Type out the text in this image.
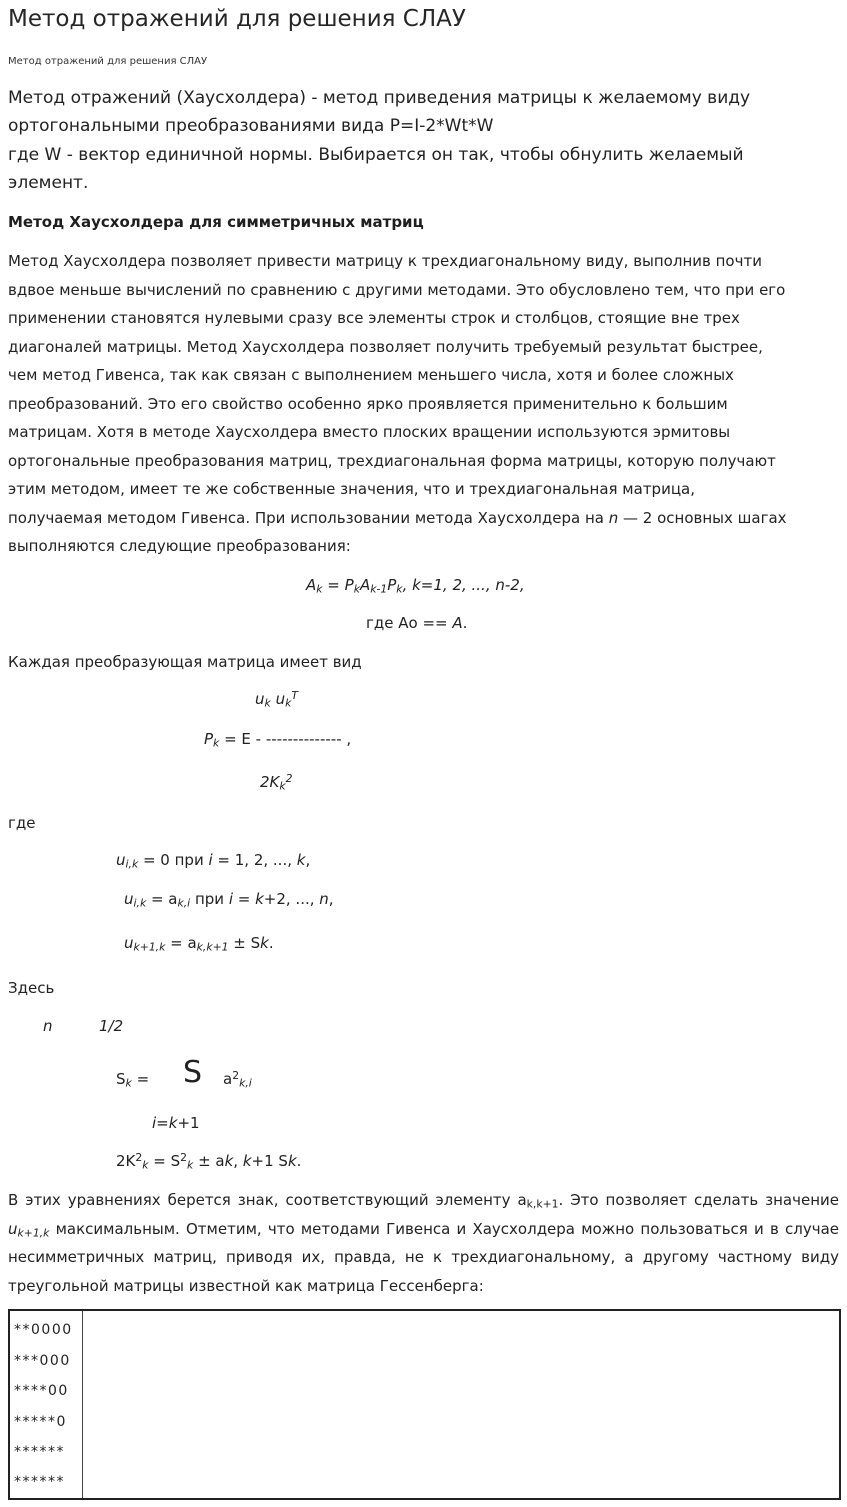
Метод отражений для решения СЛАУ
Метод отражений для решения СЛАУ
Метод отражений (Хаусхолдера) - метод приведения матрицы к желаемому виду
ортогональными преобразованиями вида P=I-2*Wt*W
где W - вектор единичной нормы. Выбирается он так, чтобы обнулить желаемый
элемент.
Метод Хаусхолдера для симметричных матриц
Метод Хаусхолдера позволяет привести матрицу к трехдиагональному виду, выполнив почти
вдвое меньше вычислений по сравнению с другими методами. Это обусловлено тем, что при его
применении становятся нулевыми сразу все элементы строк и столбцов, стоящие вне трех
диагоналей матрицы. Метод Хаусхолдера позволяет получить требуемый результат быстрее,
чем метод Гивенса, так как связан с выполнением меньшего числа, хотя и более сложных
преобразований. Это его свойство особенно ярко проявляется применительно к большим
матрицам. Хотя в методе Хаусхолдера вместо плоских вращении используются эрмитовы
ортогональные преобразования матриц, трехдиагональная форма матрицы, которую получают
этим методом, имеет те же собственные значения, что и трехдиагональная матрица,
получаемая методом Гивенса. При использовании метода Хаусхолдера на n — 2 основных шагах
выполняются следующие преобразования:
$A_k = P_kA_{k-1}P_k$, k=1, 2, ..., n-2,
где Ао == A.
Каждая преобразующая матрица имеет вид
$u_k$ $u_k^T$
$P_k = E$ - -------------- ,
$2K_k^2$
где
$u_{i,k} = 0$ при i = 1, 2, ..., k,
$u_{i,k} = a_{k,i}$ при i = k+2, ..., n,
$u_{k+1,k} = a_{k,k+1} \pm Sk$.
Здесь
n	1/2
$S_k = S$ $a^2_{k,i}$
i=k+1
$2K^2_k = S^2_k$ ± ak, k+1 Sk.
В этих уравнениях берется знак, соответствующий элементу $a_{k,k+1}$. Это позволяет сделать значение $u_{k+1,k}$ максимальным. Отметим, что методами Гивенса и Хаусхолдера можно пользоваться и в случае несимметричных матриц, приводя их, правда, не к трехдиагональному, а другому частному виду треугольной матрицы известной как матрица Гессенберга:
**0000
***000
****00
*****0
******
******
